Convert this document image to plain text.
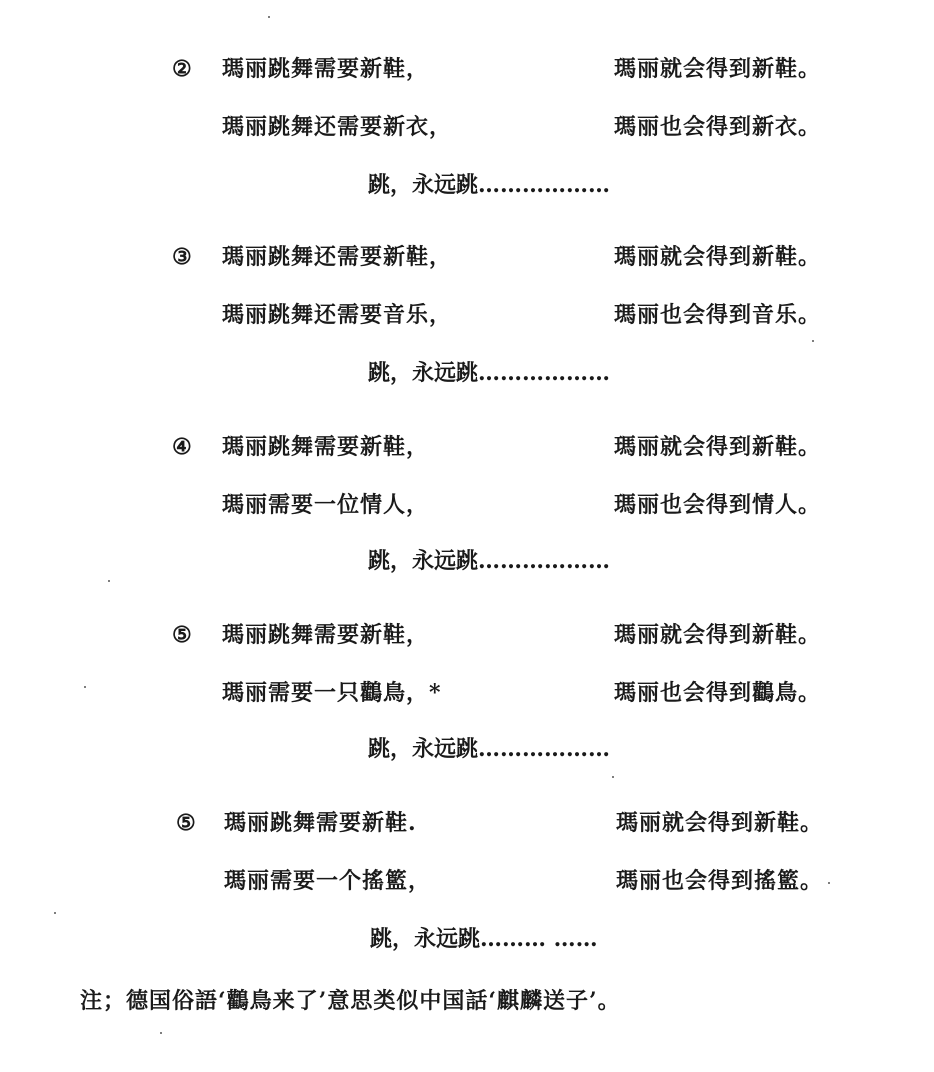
② 瑪丽跳舞需要新鞋，	瑪丽就会得到新鞋。
瑪丽跳舞还需要新衣，	瑪丽也会得到新衣。
跳，永远跳………………
③ 瑪丽跳舞还需要新鞋，	瑪丽就会得到新鞋。
瑪丽跳舞还需要音乐，	瑪丽也会得到音乐。
跳，永远跳………………
④ 瑪丽跳舞需要新鞋，	瑪丽就会得到新鞋。
瑪丽需要一位情人，	瑪丽也会得到情人。
跳，永远跳………………
⑤ 瑪丽跳舞需要新鞋，	瑪丽就会得到新鞋。
瑪丽需要一只鸛鳥，*	瑪丽也会得到鸛鳥。
跳，永远跳………………
⑤ 瑪丽跳舞需要新鞋.	瑪丽就会得到新鞋。
瑪丽需要一个搖籃，	瑪丽也会得到搖籃。
跳，永远跳……… ……
注；德国俗語‘鸛鳥来了’意思类似中国話‘麒麟送子’。
